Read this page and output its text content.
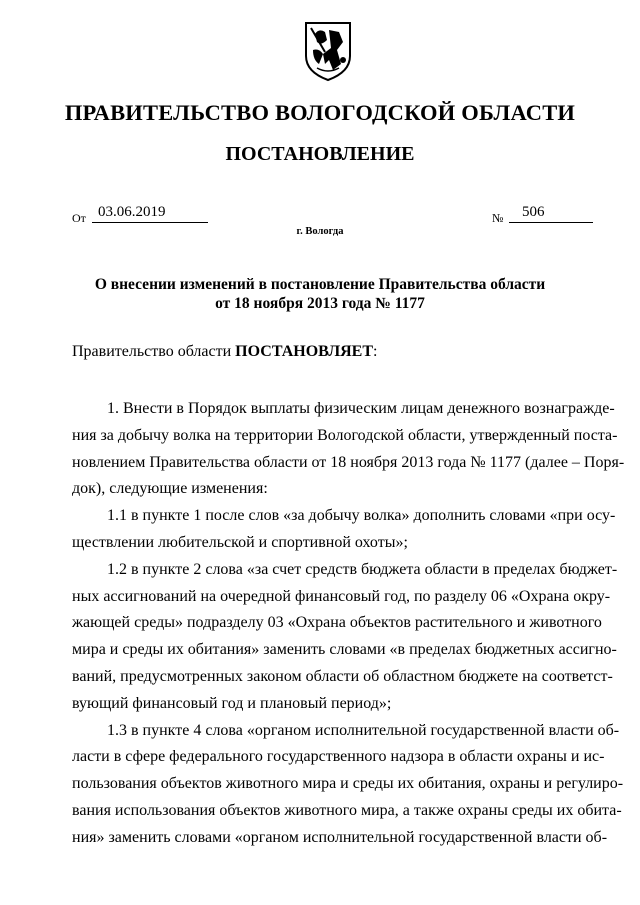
ПРАВИТЕЛЬСТВО ВОЛОГОДСКОЙ ОБЛАСТИ
ПОСТАНОВЛЕНИЕ
От 03.06.2019	№ 506
г. Вологда
О внесении изменений в постановление Правительства области
от 18 ноября 2013 года № 1177
Правительство области ПОСТАНОВЛЯЕТ:
1. Внести в Порядок выплаты физическим лицам денежного вознагражде-
ния за добычу волка на территории Вологодской области, утвержденный поста-
новлением Правительства области от 18 ноября 2013 года № 1177 (далее – Поря-
док), следующие изменения:
1.1 в пункте 1 после слов «за добычу волка» дополнить словами «при осу-
ществлении любительской и спортивной охоты»;
1.2 в пункте 2 слова «за счет средств бюджета области в пределах бюджет-
ных ассигнований на очередной финансовый год, по разделу 06 «Охрана окру-
жающей среды» подразделу 03 «Охрана объектов растительного и животного
мира и среды их обитания» заменить словами «в пределах бюджетных ассигно-
ваний, предусмотренных законом области об областном бюджете на соответст-
вующий финансовый год и плановый период»;
1.3 в пункте 4 слова «органом исполнительной государственной власти об-
ласти в сфере федерального государственного надзора в области охраны и ис-
пользования объектов животного мира и среды их обитания, охраны и регулиро-
вания использования объектов животного мира, а также охраны среды их обита-
ния» заменить словами «органом исполнительной государственной власти об-
